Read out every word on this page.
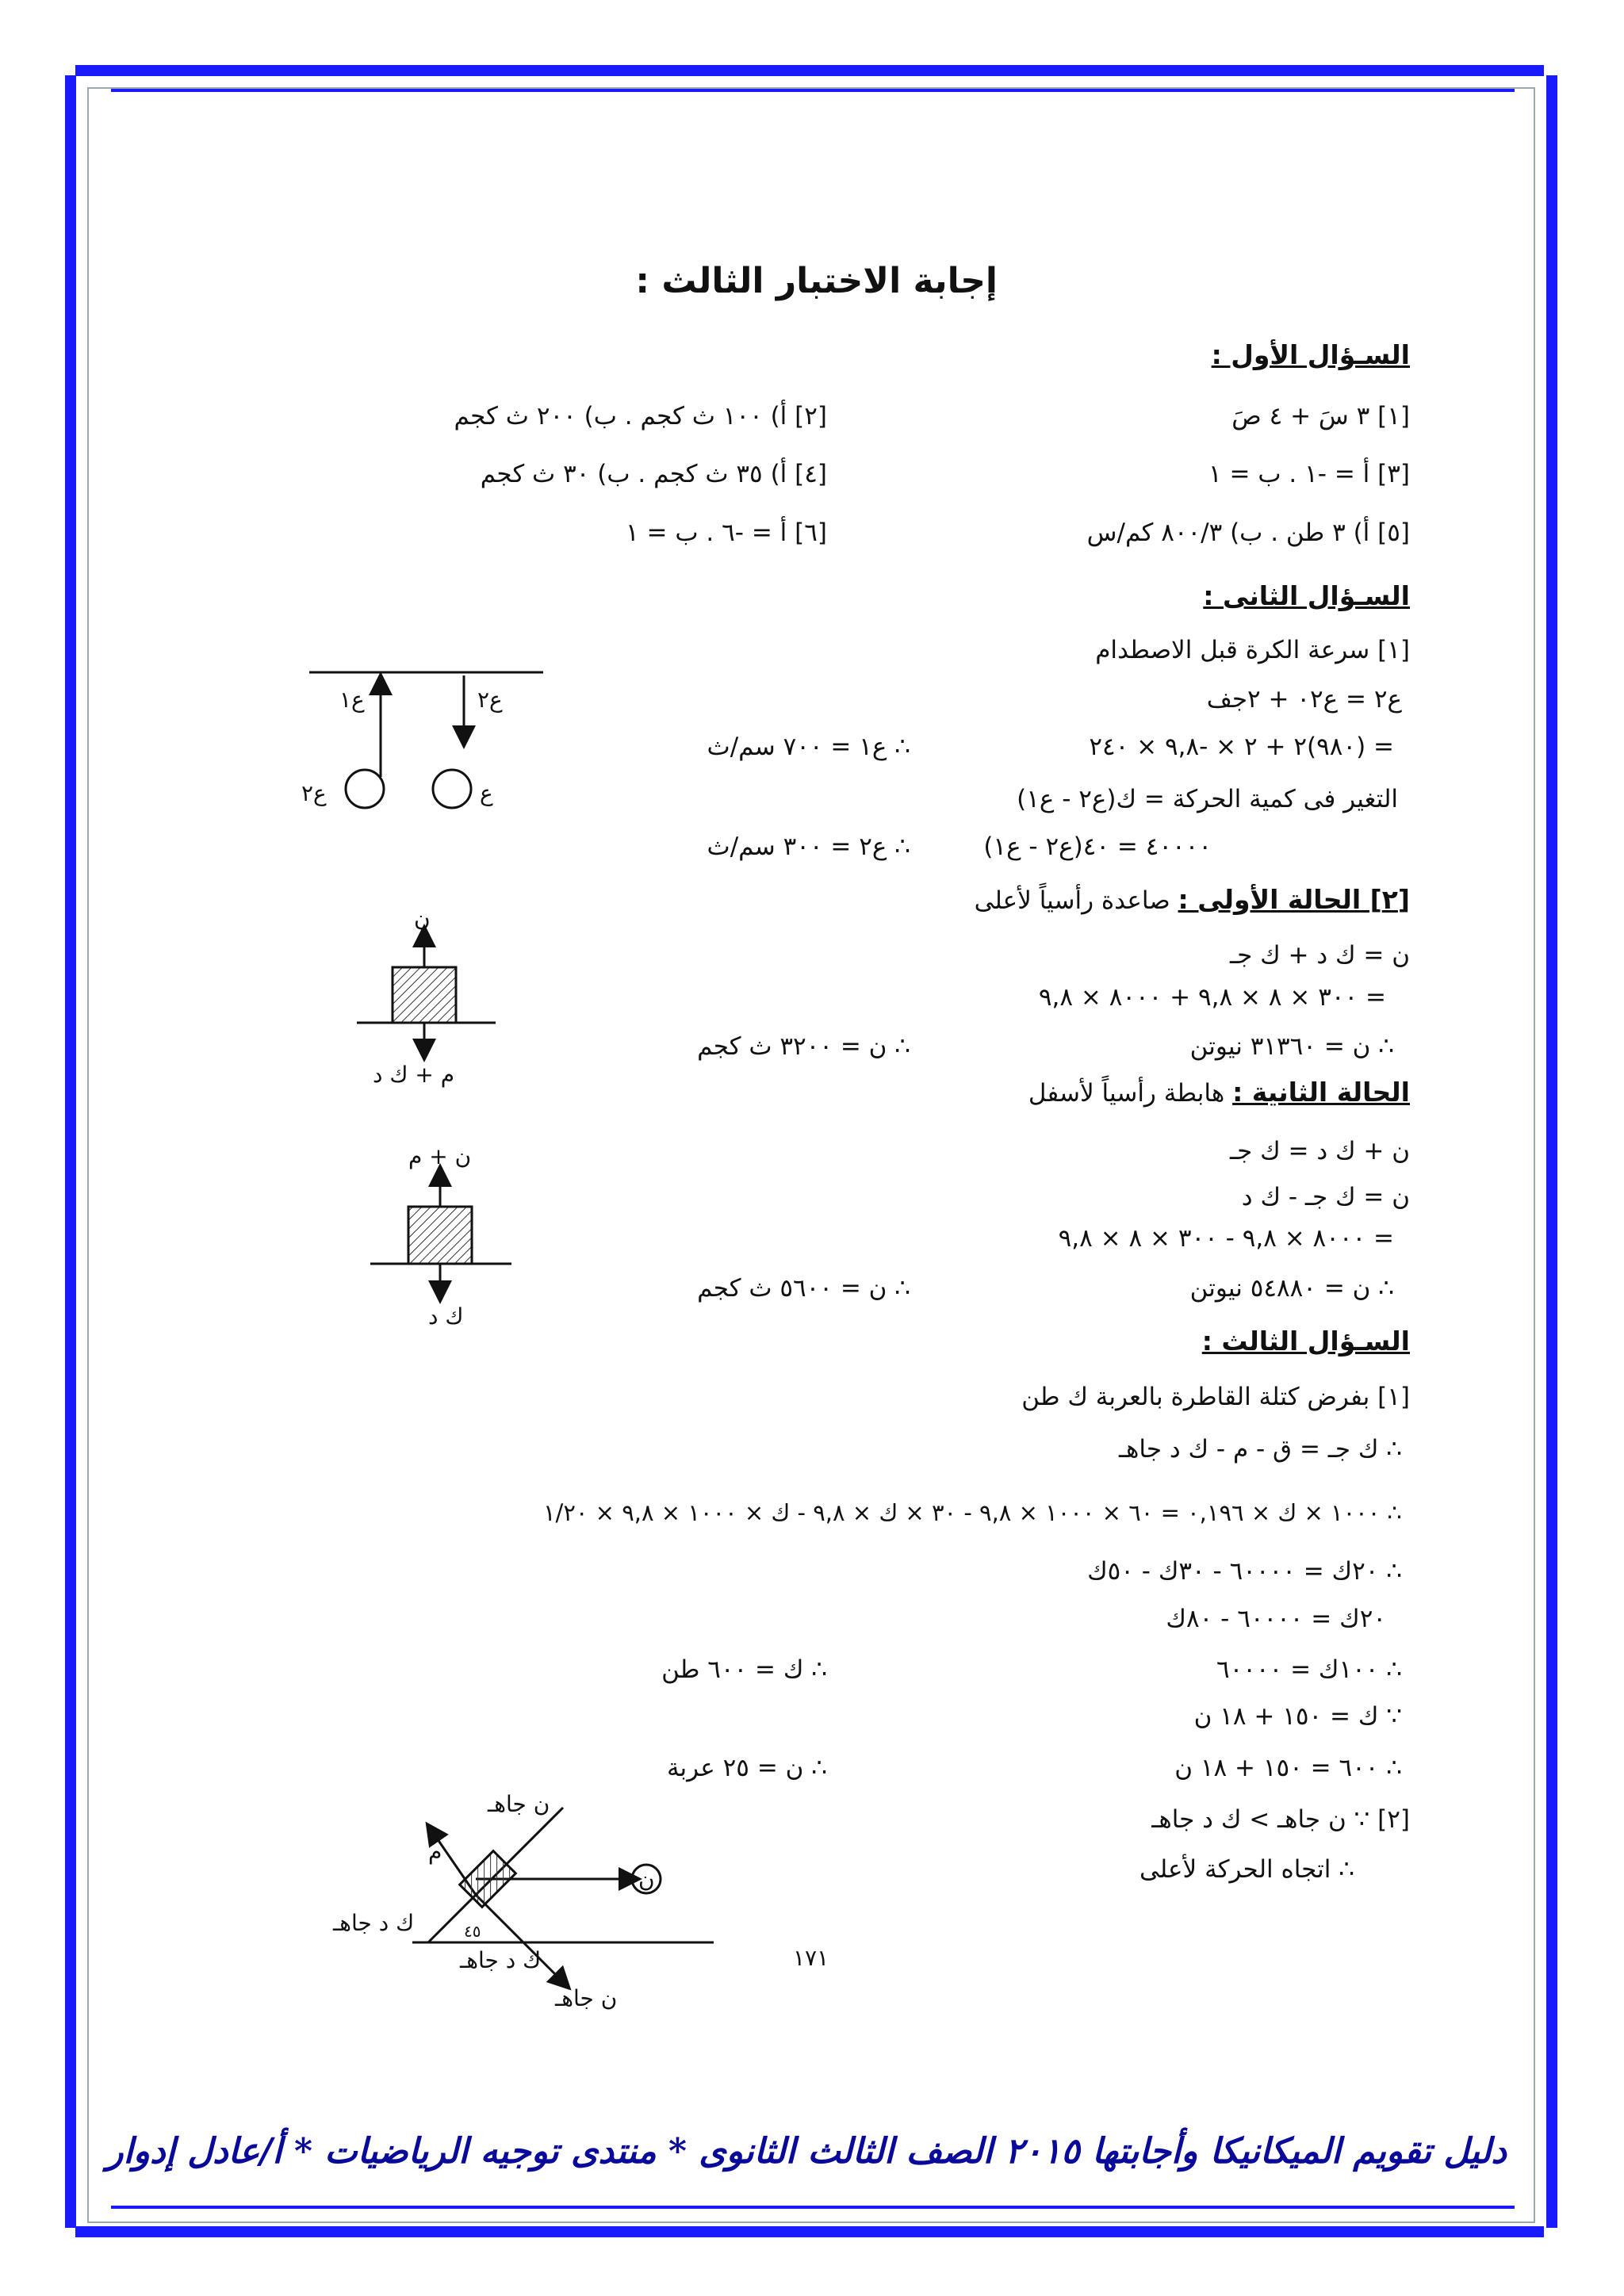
إجابة الاختبار الثالث :
السـؤال الأول :
[١] ٣ سَ + ٤ صَ
[٢] أ) ١٠٠ ث كجم . ب) ٢٠٠ ث كجم
[٣] أ = -١ . ب = ١
[٤] أ) ٣٥ ث كجم . ب) ٣٠ ث كجم
[٥] أ) ٣ طن . ب) ٨٠٠/٣ كم/س
[٦] أ = -٦ . ب = ١
السـؤال الثانى :
[١] سرعة الكرة قبل الاصطدام
ع٢ = ع٠٢ + ٢جف
= (٩٨٠)٢ + ٢ × -٩,٨ × ٢٤٠
∴ ع١ = ٧٠٠ سم/ث
التغير فى كمية الحركة = ك(ع٢ - ع١)
٤٠٠٠٠ = ٤٠(ع٢ - ع١)
∴ ع٢ = ٣٠٠ سم/ث
[٢] الحالة الأولى : صاعدة رأسياً لأعلى
ن = ك د + ك جـ
= ٣٠٠ × ٨ × ٩,٨ + ٨٠٠٠ × ٩,٨
∴ ن = ٣١٣٦٠ نيوتن
∴ ن = ٣٢٠٠ ث كجم
الحالة الثانية : هابطة رأسياً لأسفل
ن + ك د = ك جـ
ن = ك جـ - ك د
= ٨٠٠٠ × ٩,٨ - ٣٠٠ × ٨ × ٩,٨
∴ ن = ٥٤٨٨٠ نيوتن
∴ ن = ٥٦٠٠ ث كجم
السـؤال الثالث :
[١] بفرض كتلة القاطرة بالعربة ك طن
∴ ك جـ = ق - م - ك د جاهـ
∴ ١٠٠٠ × ك × ٠,١٩٦ = ٦٠ × ١٠٠٠ × ٩,٨ - ٣٠ × ك × ٩,٨ - ك × ١٠٠٠ × ٩,٨ × ١/٢٠
∴ ٢٠ك = ٦٠٠٠٠ - ٣٠ك - ٥٠ك
٢٠ك = ٦٠٠٠٠ - ٨٠ك
∴ ١٠٠ك = ٦٠٠٠٠
∴ ك = ٦٠٠ طن
∵ ك = ١٥٠ + ١٨ ن
∴ ٦٠٠ = ١٥٠ + ١٨ ن
∴ ن = ٢٥ عربة
[٢] ∵ ن جاهـ > ك د جاهـ
∴ اتجاه الحركة لأعلى
ع١	ع٢
ع٢	ع
ن
م + ك د
ن + م
ك د
ن جاهـ
ن
م
ك د جاهـ	٤٥
ك د جاهـ
ن جاهـ
١٧١
دليل تقويم الميكانيكا وأجابتها ٢٠١٥ الصف الثالث الثانوى * منتدى توجيه الرياضيات * أ/عادل إدوار
